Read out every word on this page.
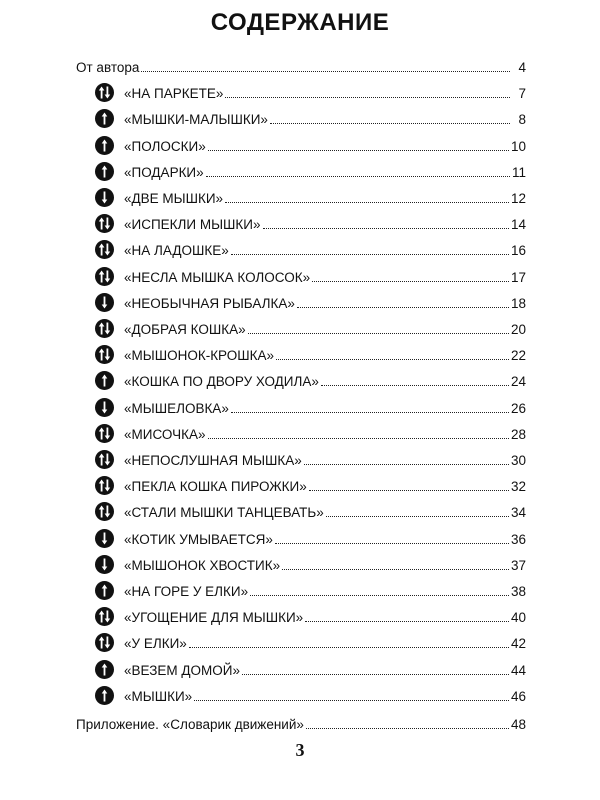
СОДЕРЖАНИЕ
От автора	4
«НА ПАРКЕТЕ»	7
«МЫШКИ-МАЛЫШКИ»	8
«ПОЛОСКИ»	10
«ПОДАРКИ»	11
«ДВЕ МЫШКИ»	12
«ИСПЕКЛИ МЫШКИ»	14
«НА ЛАДОШКЕ»	16
«НЕСЛА МЫШКА КОЛОСОК»	17
«НЕОБЫЧНАЯ РЫБАЛКА»	18
«ДОБРАЯ КОШКА»	20
«МЫШОНОК-КРОШКА»	22
«КОШКА ПО ДВОРУ ХОДИЛА»	24
«МЫШЕЛОВКА»	26
«МИСОЧКА»	28
«НЕПОСЛУШНАЯ МЫШКА»	30
«ПЕКЛА КОШКА ПИРОЖКИ»	32
«СТАЛИ МЫШКИ ТАНЦЕВАТЬ»	34
«КОТИК УМЫВАЕТСЯ»	36
«МЫШОНОК ХВОСТИК»	37
«НА ГОРЕ У ЕЛКИ»	38
«УГОЩЕНИЕ ДЛЯ МЫШКИ»	40
«У ЕЛКИ»	42
«ВЕЗЕМ ДОМОЙ»	44
«МЫШКИ»	46
Приложение. «Словарик движений»	48
3
